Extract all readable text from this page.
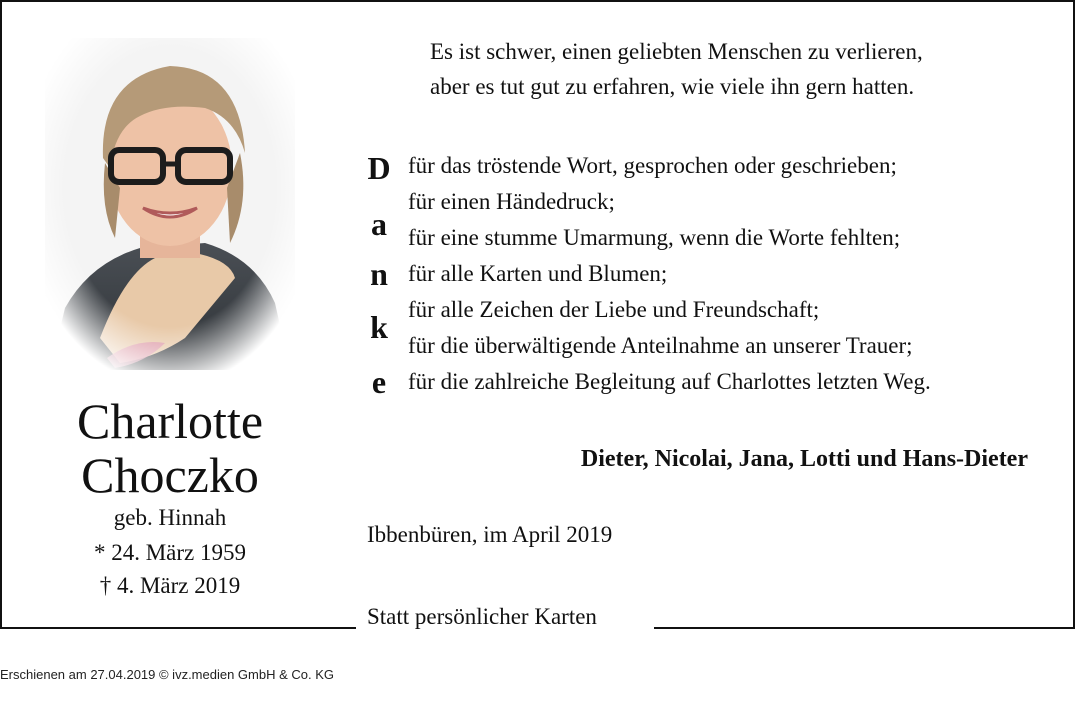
Charlotte
Choczko
geb. Hinnah
* 24. März 1959
† 4. März 2019
Es ist schwer, einen geliebten Menschen zu verlieren,
aber es tut gut zu erfahren, wie viele ihn gern hatten.
D
a
n
k
e
für das tröstende Wort, gesprochen oder geschrieben;
für einen Händedruck;
für eine stumme Umarmung, wenn die Worte fehlten;
für alle Karten und Blumen;
für alle Zeichen der Liebe und Freundschaft;
für die überwältigende Anteilnahme an unserer Trauer;
für die zahlreiche Begleitung auf Charlottes letzten Weg.
Dieter, Nicolai, Jana, Lotti und Hans-Dieter
Ibbenbüren, im April 2019
Statt persönlicher Karten
Erschienen am 27.04.2019 © ivz.medien GmbH & Co. KG
